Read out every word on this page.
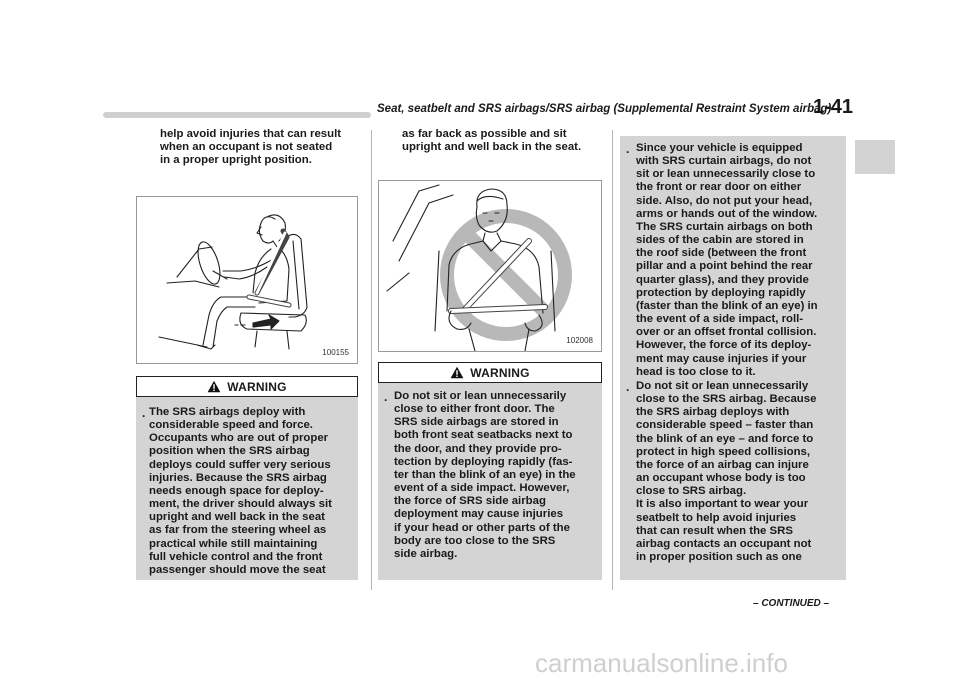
Seat, seatbelt and SRS airbags/SRS airbag (Supplemental Restraint System airbag)
1-41
help avoid injuries that can result
when an occupant is not seated
in a proper upright position.
100155
WARNING
. The SRS airbags deploy with
considerable speed and force.
Occupants who are out of proper
position when the SRS airbag
deploys could suffer very serious
injuries. Because the SRS airbag
needs enough space for deploy-
ment, the driver should always sit
upright and well back in the seat
as far from the steering wheel as
practical while still maintaining
full vehicle control and the front
passenger should move the seat
as far back as possible and sit
upright and well back in the seat.
102008
WARNING
. Do not sit or lean unnecessarily
close to either front door. The
SRS side airbags are stored in
both front seat seatbacks next to
the door, and they provide pro-
tection by deploying rapidly (fas-
ter than the blink of an eye) in the
event of a side impact. However,
the force of SRS side airbag
deployment may cause injuries
if your head or other parts of the
body are too close to the SRS
side airbag.
. Since your vehicle is equipped
with SRS curtain airbags, do not
sit or lean unnecessarily close to
the front or rear door on either
side. Also, do not put your head,
arms or hands out of the window.
The SRS curtain airbags on both
sides of the cabin are stored in
the roof side (between the front
pillar and a point behind the rear
quarter glass), and they provide
protection by deploying rapidly
(faster than the blink of an eye) in
the event of a side impact, roll-
over or an offset frontal collision.
However, the force of its deploy-
ment may cause injuries if your
head is too close to it.
. Do not sit or lean unnecessarily
close to the SRS airbag. Because
the SRS airbag deploys with
considerable speed – faster than
the blink of an eye – and force to
protect in high speed collisions,
the force of an airbag can injure
an occupant whose body is too
close to SRS airbag.
It is also important to wear your
seatbelt to help avoid injuries
that can result when the SRS
airbag contacts an occupant not
in proper position such as one
– CONTINUED –
carmanualsonline.info
